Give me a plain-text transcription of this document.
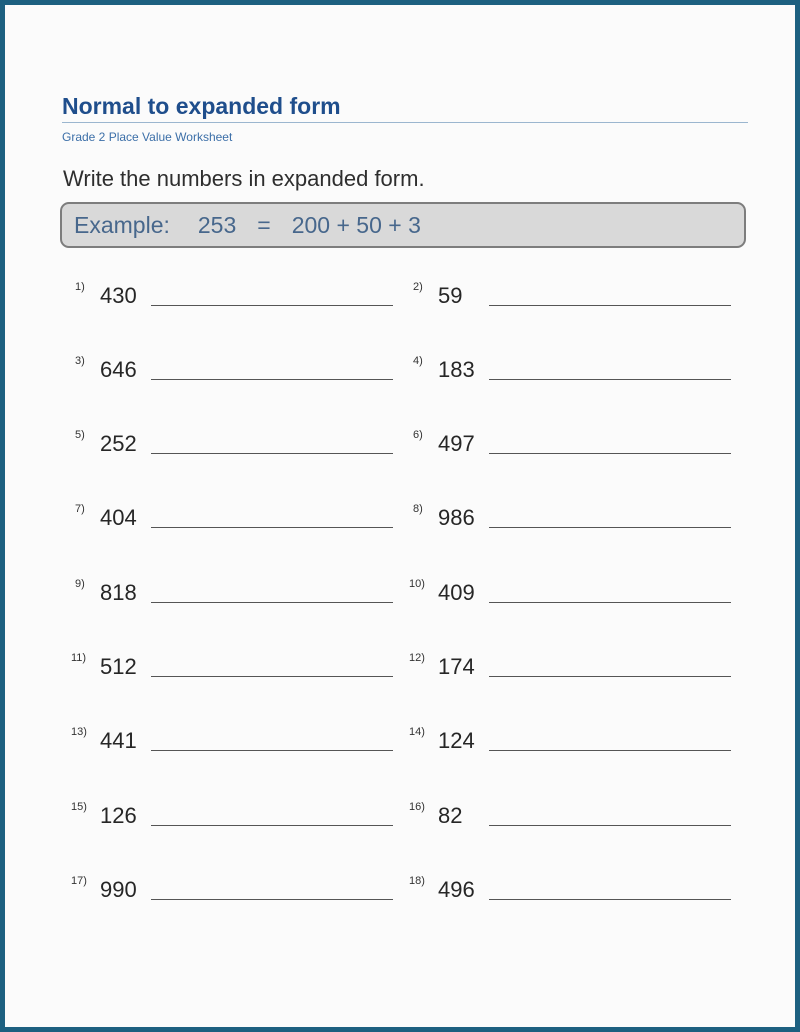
Normal to expanded form
Grade 2 Place Value Worksheet
Write the numbers in expanded form.
Example: 253 = 200 + 50 + 3
1) 430	2) 59
3) 646	4) 183
5) 252	6) 497
7) 404	8) 986
9) 818	10) 409
11) 512	12) 174
13) 441	14) 124
15) 126	16) 82
17) 990	18) 496
